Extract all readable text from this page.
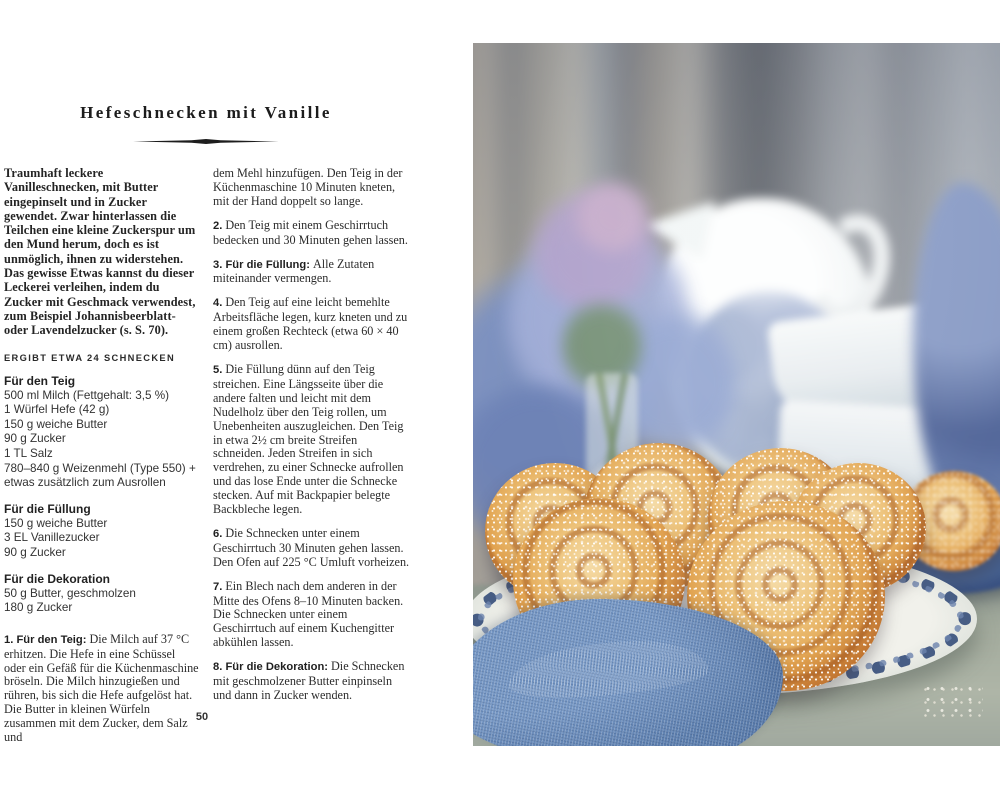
Hefeschnecken mit Vanille

Traumhaft leckere Vanilleschnecken, mit Butter eingepinselt und in Zucker gewendet. Zwar hinterlassen die Teilchen eine kleine Zuckerspur um den Mund herum, doch es ist unmöglich, ihnen zu widerstehen. Das gewisse Etwas kannst du dieser Leckerei verleihen, indem du Zucker mit Geschmack verwendest, zum Beispiel Johannisbeerblatt- oder Lavendelzucker (s. S. 70).

ERGIBT ETWA 24 SCHNECKEN
Für den Teig
500 ml Milch (Fettgehalt: 3,5 %)
1 Würfel Hefe (42 g)
150 g weiche Butter
90 g Zucker
1 TL Salz
780–840 g Weizenmehl (Type 550) + etwas zusätzlich zum Ausrollen
Für die Füllung
150 g weiche Butter
3 EL Vanillezucker
90 g Zucker
Für die Dekoration
50 g Butter, geschmolzen
180 g Zucker

1. Für den Teig: Die Milch auf 37 °C erhitzen. Die Hefe in eine Schüssel oder ein Gefäß für die Küchenmaschine bröseln. Die Milch hinzugießen und rühren, bis sich die Hefe aufgelöst hat. Die Butter in kleinen Würfeln zusammen mit dem Zucker, dem Salz und

dem Mehl hinzufügen. Den Teig in der Küchenmaschine 10 Minuten kneten, mit der Hand doppelt so lange.

2. Den Teig mit einem Geschirrtuch bedecken und 30 Minuten gehen lassen.

3. Für die Füllung: Alle Zutaten miteinander vermengen.

4. Den Teig auf eine leicht bemehlte Arbeitsfläche legen, kurz kneten und zu einem großen Rechteck (etwa 60 × 40 cm) ausrollen.

5. Die Füllung dünn auf den Teig streichen. Eine Längsseite über die andere falten und leicht mit dem Nudelholz über den Teig rollen, um Unebenheiten auszugleichen. Den Teig in etwa 2½ cm breite Streifen schneiden. Jeden Streifen in sich verdrehen, zu einer Schnecke aufrollen und das lose Ende unter die Schnecke stecken. Auf mit Backpapier belegte Backbleche legen.

6. Die Schnecken unter einem Geschirrtuch 30 Minuten gehen lassen. Den Ofen auf 225 °C Umluft vorheizen.

7. Ein Blech nach dem anderen in der Mitte des Ofens 8–10 Minuten backen. Die Schnecken unter einem Geschirrtuch auf einem Kuchengitter abkühlen lassen.

8. Für die Dekoration: Die Schnecken mit geschmolzener Butter einpinseln und dann in Zucker wenden.

50
